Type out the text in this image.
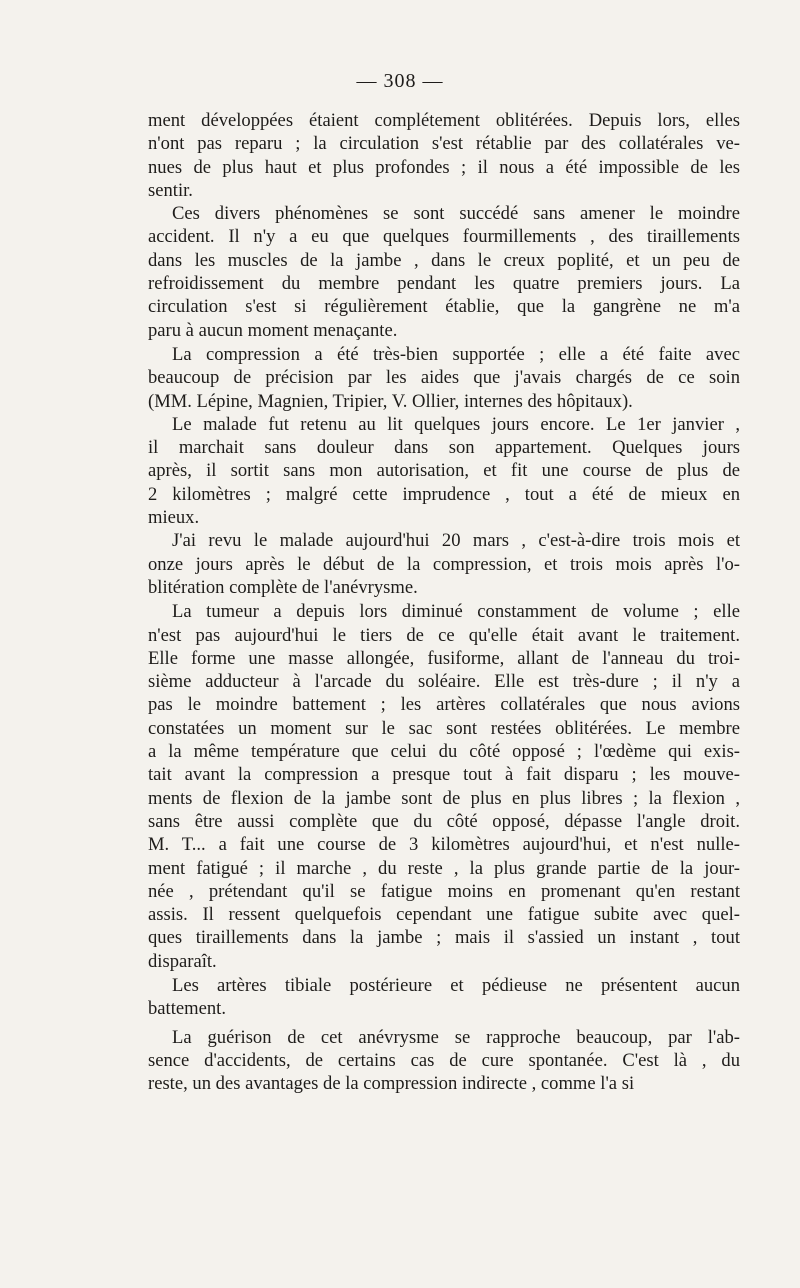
— 308 —
ment développées étaient complétement oblitérées. Depuis lors, elles
n'ont pas reparu ; la circulation s'est rétablie par des collatérales ve-
nues de plus haut et plus profondes ; il nous a été impossible de les
sentir.
Ces divers phénomènes se sont succédé sans amener le moindre
accident. Il n'y a eu que quelques fourmillements , des tiraillements
dans les muscles de la jambe , dans le creux poplité, et un peu de
refroidissement du membre pendant les quatre premiers jours. La
circulation s'est si régulièrement établie, que la gangrène ne m'a
paru à aucun moment menaçante.
La compression a été très-bien supportée ; elle a été faite avec
beaucoup de précision par les aides que j'avais chargés de ce soin
(MM. Lépine, Magnien, Tripier, V. Ollier, internes des hôpitaux).
Le malade fut retenu au lit quelques jours encore. Le 1er janvier ,
il marchait sans douleur dans son appartement. Quelques jours
après, il sortit sans mon autorisation, et fit une course de plus de
2 kilomètres ; malgré cette imprudence , tout a été de mieux en
mieux.
J'ai revu le malade aujourd'hui 20 mars , c'est-à-dire trois mois et
onze jours après le début de la compression, et trois mois après l'o-
blitération complète de l'anévrysme.
La tumeur a depuis lors diminué constamment de volume ; elle
n'est pas aujourd'hui le tiers de ce qu'elle était avant le traitement.
Elle forme une masse allongée, fusiforme, allant de l'anneau du troi-
sième adducteur à l'arcade du soléaire. Elle est très-dure ; il n'y a
pas le moindre battement ; les artères collatérales que nous avions
constatées un moment sur le sac sont restées oblitérées. Le membre
a la même température que celui du côté opposé ; l'œdème qui exis-
tait avant la compression a presque tout à fait disparu ; les mouve-
ments de flexion de la jambe sont de plus en plus libres ; la flexion ,
sans être aussi complète que du côté opposé, dépasse l'angle droit.
M. T... a fait une course de 3 kilomètres aujourd'hui, et n'est nulle-
ment fatigué ; il marche , du reste , la plus grande partie de la jour-
née , prétendant qu'il se fatigue moins en promenant qu'en restant
assis. Il ressent quelquefois cependant une fatigue subite avec quel-
ques tiraillements dans la jambe ; mais il s'assied un instant , tout
disparaît.
Les artères tibiale postérieure et pédieuse ne présentent aucun
battement.
La guérison de cet anévrysme se rapproche beaucoup, par l'ab-
sence d'accidents, de certains cas de cure spontanée. C'est là , du
reste, un des avantages de la compression indirecte , comme l'a si
